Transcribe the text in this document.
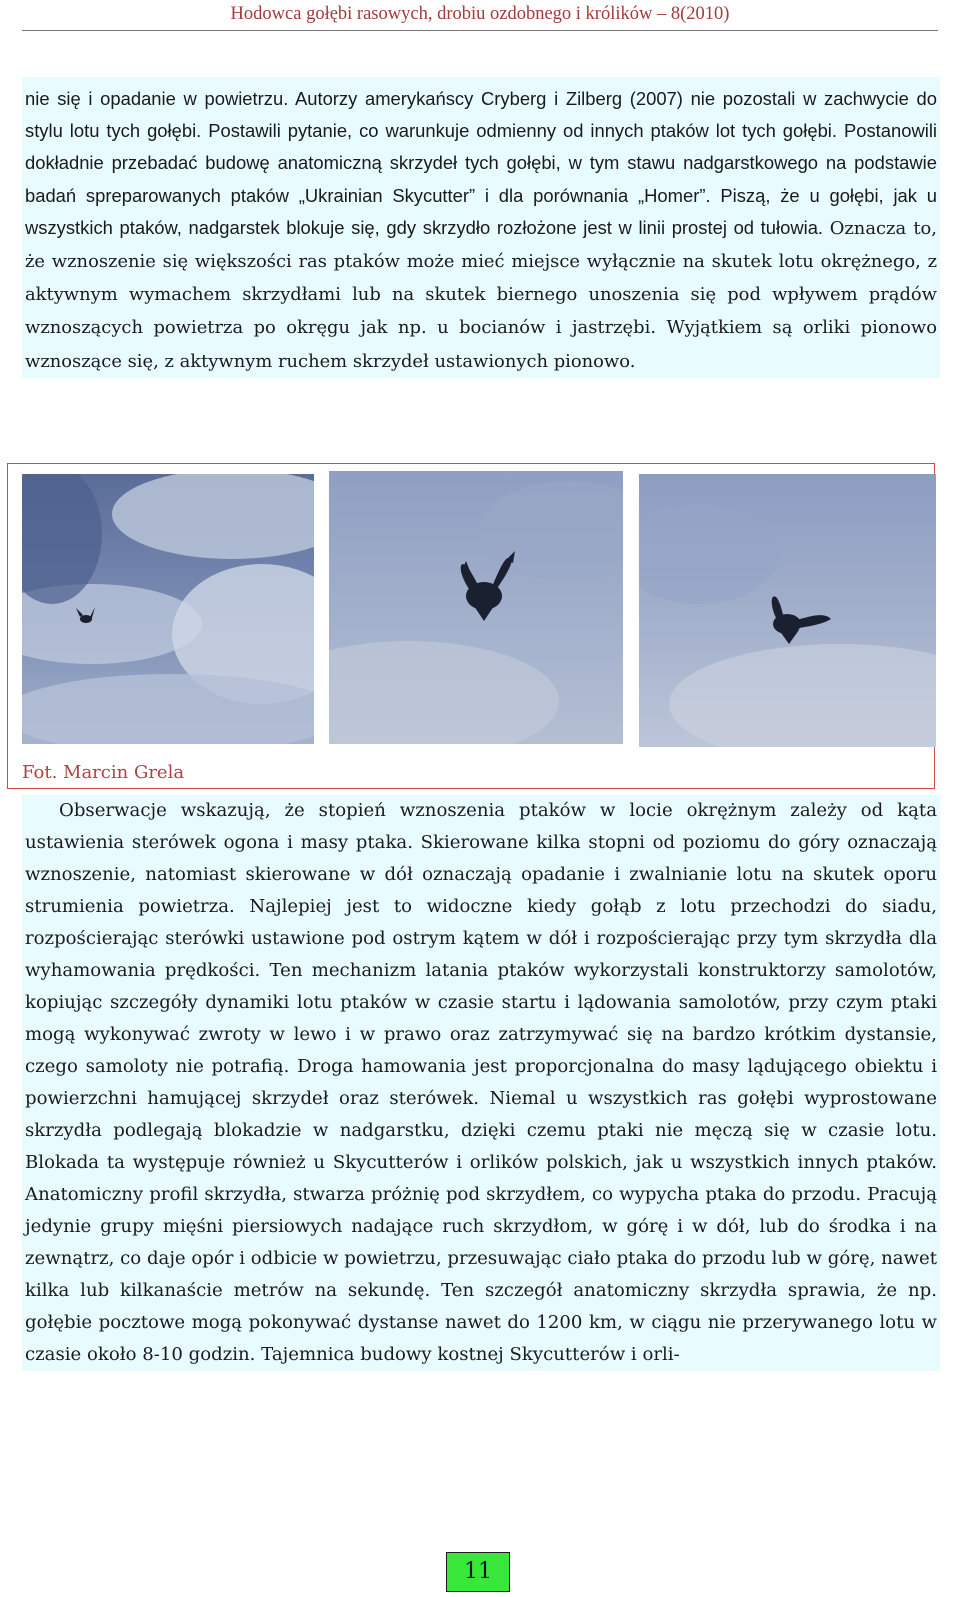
Hodowca gołębi rasowych, drobiu ozdobnego i królików – 8(2010)

nie się i opadanie w powietrzu. Autorzy amerykańscy Cryberg i Zilberg (2007) nie pozostali w zachwycie do stylu lotu tych gołębi. Postawili pytanie, co warunkuje odmienny od innych ptaków lot tych gołębi. Postanowili dokładnie przebadać budowę anatomiczną skrzydeł tych gołębi, w tym stawu nadgarstkowego na podstawie badań spreparowanych ptaków „Ukrainian Skycutter” i dla porównania „Homer”. Piszą, że u gołębi, jak u wszystkich ptaków, nadgarstek blokuje się, gdy skrzydło rozłożone jest w linii prostej od tułowia. Oznacza to, że wznoszenie się większości ras ptaków może mieć miejsce wyłącznie na skutek lotu okrężnego, z aktywnym wymachem skrzydłami lub na skutek biernego unoszenia się pod wpływem prądów wznoszących powietrza po okręgu jak np. u bocianów i jastrzębi. Wyjątkiem są orliki pionowo wznoszące się, z aktywnym ruchem skrzydeł ustawionych pionowo.

Fot. Marcin Grela

Obserwacje wskazują, że stopień wznoszenia ptaków w locie okrężnym zależy od kąta ustawienia sterówek ogona i masy ptaka. Skierowane kilka stopni od poziomu do góry oznaczają wznoszenie, natomiast skierowane w dół oznaczają opadanie i zwalnianie lotu na skutek oporu strumienia powietrza. Najlepiej jest to widoczne kiedy gołąb z lotu przechodzi do siadu, rozpościerając sterówki ustawione pod ostrym kątem w dół i rozpościerając przy tym skrzydła dla wyhamowania prędkości. Ten mechanizm latania ptaków wykorzystali konstruktorzy samolotów, kopiując szczegóły dynamiki lotu ptaków w czasie startu i lądowania samolotów, przy czym ptaki mogą wykonywać zwroty w lewo i w prawo oraz zatrzymywać się na bardzo krótkim dystansie, czego samoloty nie potrafią. Droga hamowania jest proporcjonalna do masy lądującego obiektu i powierzchni hamującej skrzydeł oraz sterówek. Niemal u wszystkich ras gołębi wyprostowane skrzydła podlegają blokadzie w nadgarstku, dzięki czemu ptaki nie męczą się w czasie lotu. Blokada ta występuje również u Skycutterów i orlików polskich, jak u wszystkich innych ptaków. Anatomiczny profil skrzydła, stwarza próżnię pod skrzydłem, co wypycha ptaka do przodu. Pracują jedynie grupy mięśni piersiowych nadające ruch skrzydłom, w górę i w dół, lub do środka i na zewnątrz, co daje opór i odbicie w powietrzu, przesuwając ciało ptaka do przodu lub w górę, nawet kilka lub kilkanaście metrów na sekundę. Ten szczegół anatomiczny skrzydła sprawia, że np. gołębie pocztowe mogą pokonywać dystanse nawet do 1200 km, w ciągu nie przerywanego lotu w czasie około 8-10 godzin. Tajemnica budowy kostnej Skycutterów i orli-

11
